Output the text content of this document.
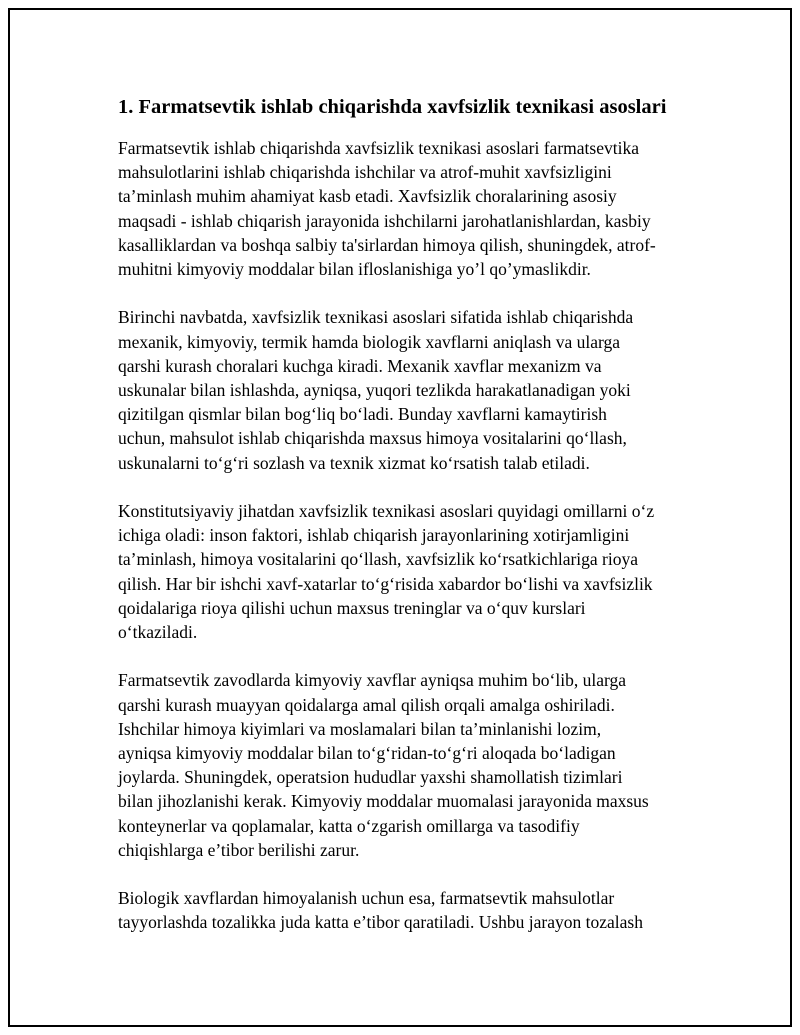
1. Farmatsevtik ishlab chiqarishda xavfsizlik texnikasi asoslari

Farmatsevtik ishlab chiqarishda xavfsizlik texnikasi asoslari farmatsevtika
mahsulotlarini ishlab chiqarishda ishchilar va atrof-muhit xavfsizligini
ta’minlash muhim ahamiyat kasb etadi. Xavfsizlik choralarining asosiy
maqsadi - ishlab chiqarish jarayonida ishchilarni jarohatlanishlardan, kasbiy
kasalliklardan va boshqa salbiy ta'sirlardan himoya qilish, shuningdek, atrof-
muhitni kimyoviy moddalar bilan ifloslanishiga yo’l qo’ymaslikdir.

Birinchi navbatda, xavfsizlik texnikasi asoslari sifatida ishlab chiqarishda
mexanik, kimyoviy, termik hamda biologik xavflarni aniqlash va ularga
qarshi kurash choralari kuchga kiradi. Mexanik xavflar mexanizm va
uskunalar bilan ishlashda, ayniqsa, yuqori tezlikda harakatlanadigan yoki
qizitilgan qismlar bilan bog‘liq bo‘ladi. Bunday xavflarni kamaytirish
uchun, mahsulot ishlab chiqarishda maxsus himoya vositalarini qo‘llash,
uskunalarni to‘g‘ri sozlash va texnik xizmat ko‘rsatish talab etiladi.

Konstitutsiyaviy jihatdan xavfsizlik texnikasi asoslari quyidagi omillarni o‘z
ichiga oladi: inson faktori, ishlab chiqarish jarayonlarining xotirjamligini
ta’minlash, himoya vositalarini qo‘llash, xavfsizlik ko‘rsatkichlariga rioya
qilish. Har bir ishchi xavf-xatarlar to‘g‘risida xabardor bo‘lishi va xavfsizlik
qoidalariga rioya qilishi uchun maxsus treninglar va o‘quv kurslari
o‘tkaziladi.

Farmatsevtik zavodlarda kimyoviy xavflar ayniqsa muhim bo‘lib, ularga
qarshi kurash muayyan qoidalarga amal qilish orqali amalga oshiriladi.
Ishchilar himoya kiyimlari va moslamalari bilan ta’minlanishi lozim,
ayniqsa kimyoviy moddalar bilan to‘g‘ridan-to‘g‘ri aloqada bo‘ladigan
joylarda. Shuningdek, operatsion hududlar yaxshi shamollatish tizimlari
bilan jihozlanishi kerak. Kimyoviy moddalar muomalasi jarayonida maxsus
konteynerlar va qoplamalar, katta o‘zgarish omillarga va tasodifiy
chiqishlarga e’tibor berilishi zarur.

Biologik xavflardan himoyalanish uchun esa, farmatsevtik mahsulotlar
tayyorlashda tozalikka juda katta e’tibor qaratiladi. Ushbu jarayon tozalash
